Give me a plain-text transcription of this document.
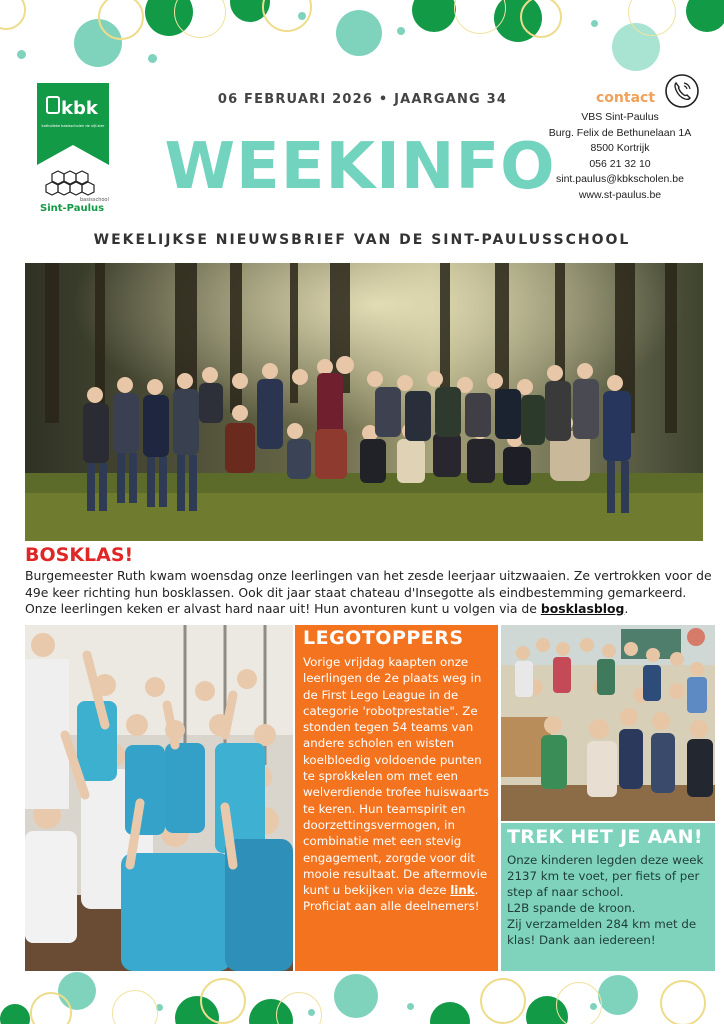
kbk
katholieke basisscholen de vijf-ster
Sint-Paulus
basisschool
06 FEBRUARI 2026 • JAARGANG 34
WEEKINFO
WEKELIJKSE NIEUWSBRIEF VAN DE SINT-PAULUSSCHOOL
contact
VBS Sint-Paulus
Burg. Felix de Bethunelaan 1A
8500 Kortrijk
056 21 32 10
sint.paulus@kbkscholen.be
www.st-paulus.be
BOSKLAS!
Burgemeester Ruth kwam woensdag onze leerlingen van het zesde leerjaar uitzwaaien. Ze vertrokken voor de 49e keer richting hun bosklassen. Ook dit jaar staat chateau d'Insegotte als eindbestemming gemarkeerd. Onze leerlingen keken er alvast hard naar uit! Hun avonturen kunt u volgen via de bosklasblog.
LEGOTOPPERS
Vorige vrijdag kaapten onze leerlingen de 2e plaats weg in de First Lego League in de categorie 'robotprestatie". Ze stonden tegen 54 teams van andere scholen en wisten koelbloedig voldoende punten te sprokkelen om met een welverdiende trofee huiswaarts te keren. Hun teamspirit en doorzettingsvermogen, in combinatie met een stevig engagement, zorgde voor dit mooie resultaat. De aftermovie kunt u bekijken via deze link.
Proficiat aan alle deelnemers!
TREK HET JE AAN!
Onze kinderen legden deze week 2137 km te voet, per fiets of per step af naar school.
L2B spande de kroon.
Zij verzamelden 284 km met de klas! Dank aan iedereen!
